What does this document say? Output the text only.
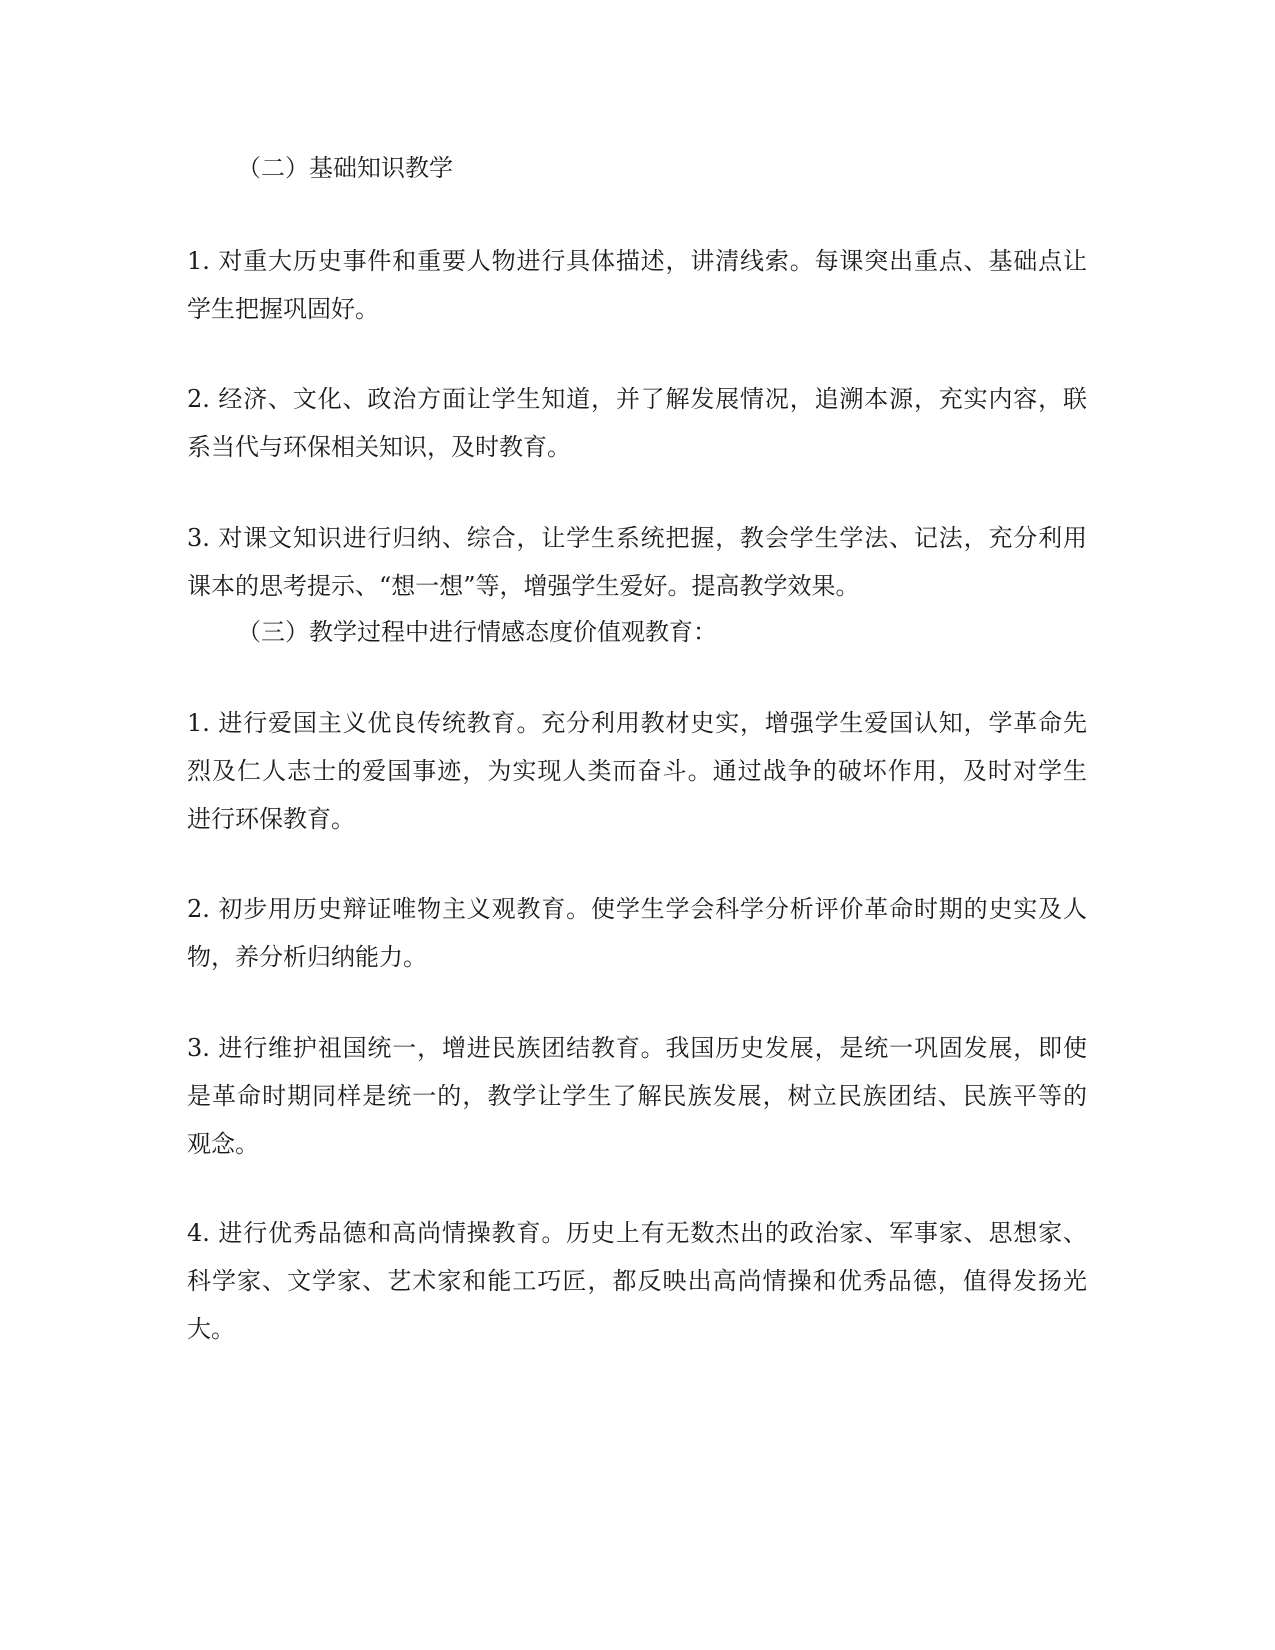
（二）基础知识教学
1. 对重大历史事件和重要人物进行具体描述，讲清线索。每课突出重点、基础点让
学生把握巩固好。
2. 经济、文化、政治方面让学生知道，并了解发展情况，追溯本源，充实内容，联
系当代与环保相关知识，及时教育。
3. 对课文知识进行归纳、综合，让学生系统把握，教会学生学法、记法，充分利用
课本的思考提示、“想一想”等，增强学生爱好。提高教学效果。
（三）教学过程中进行情感态度价值观教育：
1. 进行爱国主义优良传统教育。充分利用教材史实，增强学生爱国认知，学革命先
烈及仁人志士的爱国事迹，为实现人类而奋斗。通过战争的破坏作用，及时对学生
进行环保教育。
2. 初步用历史辩证唯物主义观教育。使学生学会科学分析评价革命时期的史实及人
物，养分析归纳能力。
3. 进行维护祖国统一，增进民族团结教育。我国历史发展，是统一巩固发展，即使
是革命时期同样是统一的，教学让学生了解民族发展，树立民族团结、民族平等的
观念。
4. 进行优秀品德和高尚情操教育。历史上有无数杰出的政治家、军事家、思想家、
科学家、文学家、艺术家和能工巧匠，都反映出高尚情操和优秀品德，值得发扬光
大。
